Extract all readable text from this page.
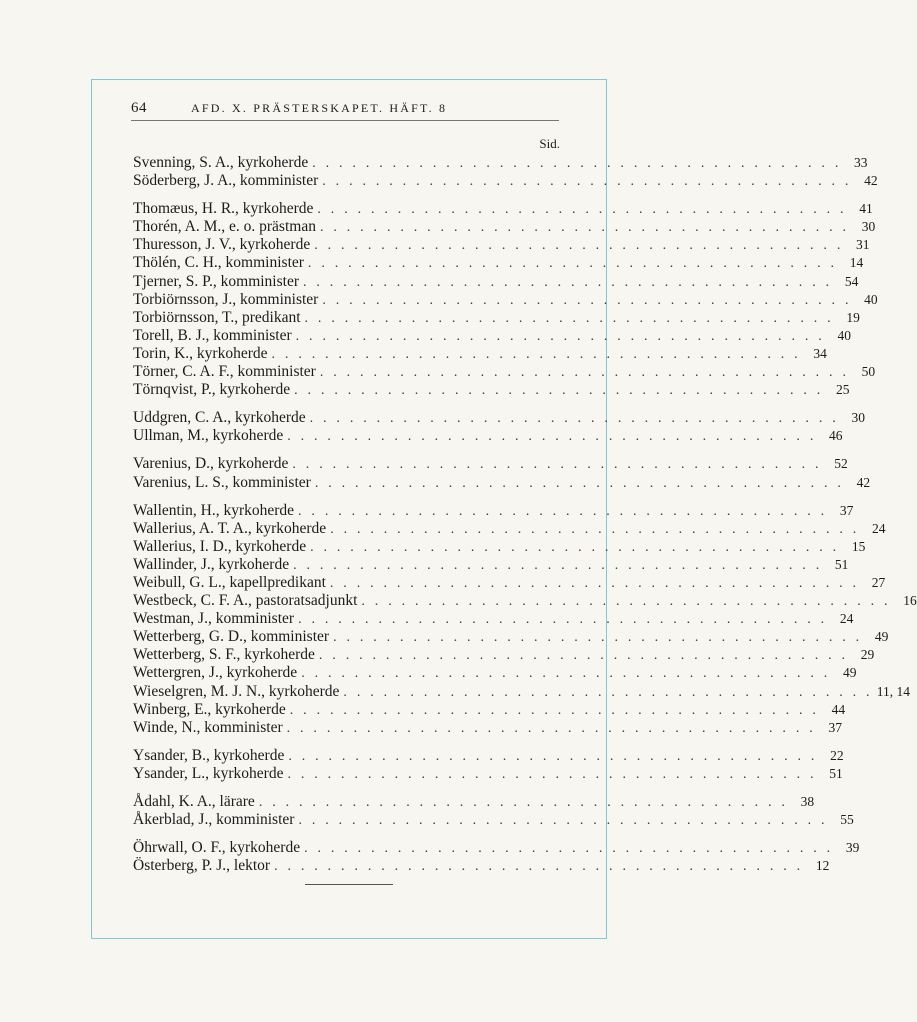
64	AFD. X. PRÄSTERSKAPET. HÄFT. 8
Sid.
Svenning, S. A., kyrkoherde . . . . . . . . . . . . . . . . . . . . . . . . . . . . . . . . . . . . . . . . 33
Söderberg, J. A., komminister . . . . . . . . . . . . . . . . . . . . . . . . . . . . . . . . . . . . . . . . 42
Thomæus, H. R., kyrkoherde . . . . . . . . . . . . . . . . . . . . . . . . . . . . . . . . . . . . . . . . 41
Thorén, A. M., e. o. prästman . . . . . . . . . . . . . . . . . . . . . . . . . . . . . . . . . . . . . . . . 30
Thuresson, J. V., kyrkoherde . . . . . . . . . . . . . . . . . . . . . . . . . . . . . . . . . . . . . . . . 31
Thölén, C. H., komminister . . . . . . . . . . . . . . . . . . . . . . . . . . . . . . . . . . . . . . . . 14
Tjerner, S. P., komminister . . . . . . . . . . . . . . . . . . . . . . . . . . . . . . . . . . . . . . . . 54
Torbiörnsson, J., komminister . . . . . . . . . . . . . . . . . . . . . . . . . . . . . . . . . . . . . . . . 40
Torbiörnsson, T., predikant . . . . . . . . . . . . . . . . . . . . . . . . . . . . . . . . . . . . . . . . 19
Torell, B. J., komminister . . . . . . . . . . . . . . . . . . . . . . . . . . . . . . . . . . . . . . . . 40
Torin, K., kyrkoherde . . . . . . . . . . . . . . . . . . . . . . . . . . . . . . . . . . . . . . . . 34
Törner, C. A. F., komminister . . . . . . . . . . . . . . . . . . . . . . . . . . . . . . . . . . . . . . . . 50
Törnqvist, P., kyrkoherde . . . . . . . . . . . . . . . . . . . . . . . . . . . . . . . . . . . . . . . . 25
Uddgren, C. A., kyrkoherde . . . . . . . . . . . . . . . . . . . . . . . . . . . . . . . . . . . . . . . . 30
Ullman, M., kyrkoherde . . . . . . . . . . . . . . . . . . . . . . . . . . . . . . . . . . . . . . . . 46
Varenius, D., kyrkoherde . . . . . . . . . . . . . . . . . . . . . . . . . . . . . . . . . . . . . . . . 52
Varenius, L. S., komminister . . . . . . . . . . . . . . . . . . . . . . . . . . . . . . . . . . . . . . . . 42
Wallentin, H., kyrkoherde . . . . . . . . . . . . . . . . . . . . . . . . . . . . . . . . . . . . . . . . 37
Wallerius, A. T. A., kyrkoherde . . . . . . . . . . . . . . . . . . . . . . . . . . . . . . . . . . . . . . . . 24
Wallerius, I. D., kyrkoherde . . . . . . . . . . . . . . . . . . . . . . . . . . . . . . . . . . . . . . . . 15
Wallinder, J., kyrkoherde . . . . . . . . . . . . . . . . . . . . . . . . . . . . . . . . . . . . . . . . 51
Weibull, G. L., kapellpredikant . . . . . . . . . . . . . . . . . . . . . . . . . . . . . . . . . . . . . . . . 27
Westbeck, C. F. A., pastoratsadjunkt . . . . . . . . . . . . . . . . . . . . . . . . . . . . . . . . . . . . . . . . 16
Westman, J., komminister . . . . . . . . . . . . . . . . . . . . . . . . . . . . . . . . . . . . . . . . 24
Wetterberg, G. D., komminister . . . . . . . . . . . . . . . . . . . . . . . . . . . . . . . . . . . . . . . . 49
Wetterberg, S. F., kyrkoherde . . . . . . . . . . . . . . . . . . . . . . . . . . . . . . . . . . . . . . . . 29
Wettergren, J., kyrkoherde . . . . . . . . . . . . . . . . . . . . . . . . . . . . . . . . . . . . . . . . 49
Wieselgren, M. J. N., kyrkoherde . . . . . . . . . . . . . . . . . . . . . . . . . . . . . . . . . . . . . . . . 11, 14
Winberg, E., kyrkoherde . . . . . . . . . . . . . . . . . . . . . . . . . . . . . . . . . . . . . . . . 44
Winde, N., komminister . . . . . . . . . . . . . . . . . . . . . . . . . . . . . . . . . . . . . . . . 37
Ysander, B., kyrkoherde . . . . . . . . . . . . . . . . . . . . . . . . . . . . . . . . . . . . . . . . 22
Ysander, L., kyrkoherde . . . . . . . . . . . . . . . . . . . . . . . . . . . . . . . . . . . . . . . . 51
Ådahl, K. A., lärare . . . . . . . . . . . . . . . . . . . . . . . . . . . . . . . . . . . . . . . . 38
Åkerblad, J., komminister . . . . . . . . . . . . . . . . . . . . . . . . . . . . . . . . . . . . . . . . 55
Öhrwall, O. F., kyrkoherde . . . . . . . . . . . . . . . . . . . . . . . . . . . . . . . . . . . . . . . . 39
Österberg, P. J., lektor . . . . . . . . . . . . . . . . . . . . . . . . . . . . . . . . . . . . . . . . 12
